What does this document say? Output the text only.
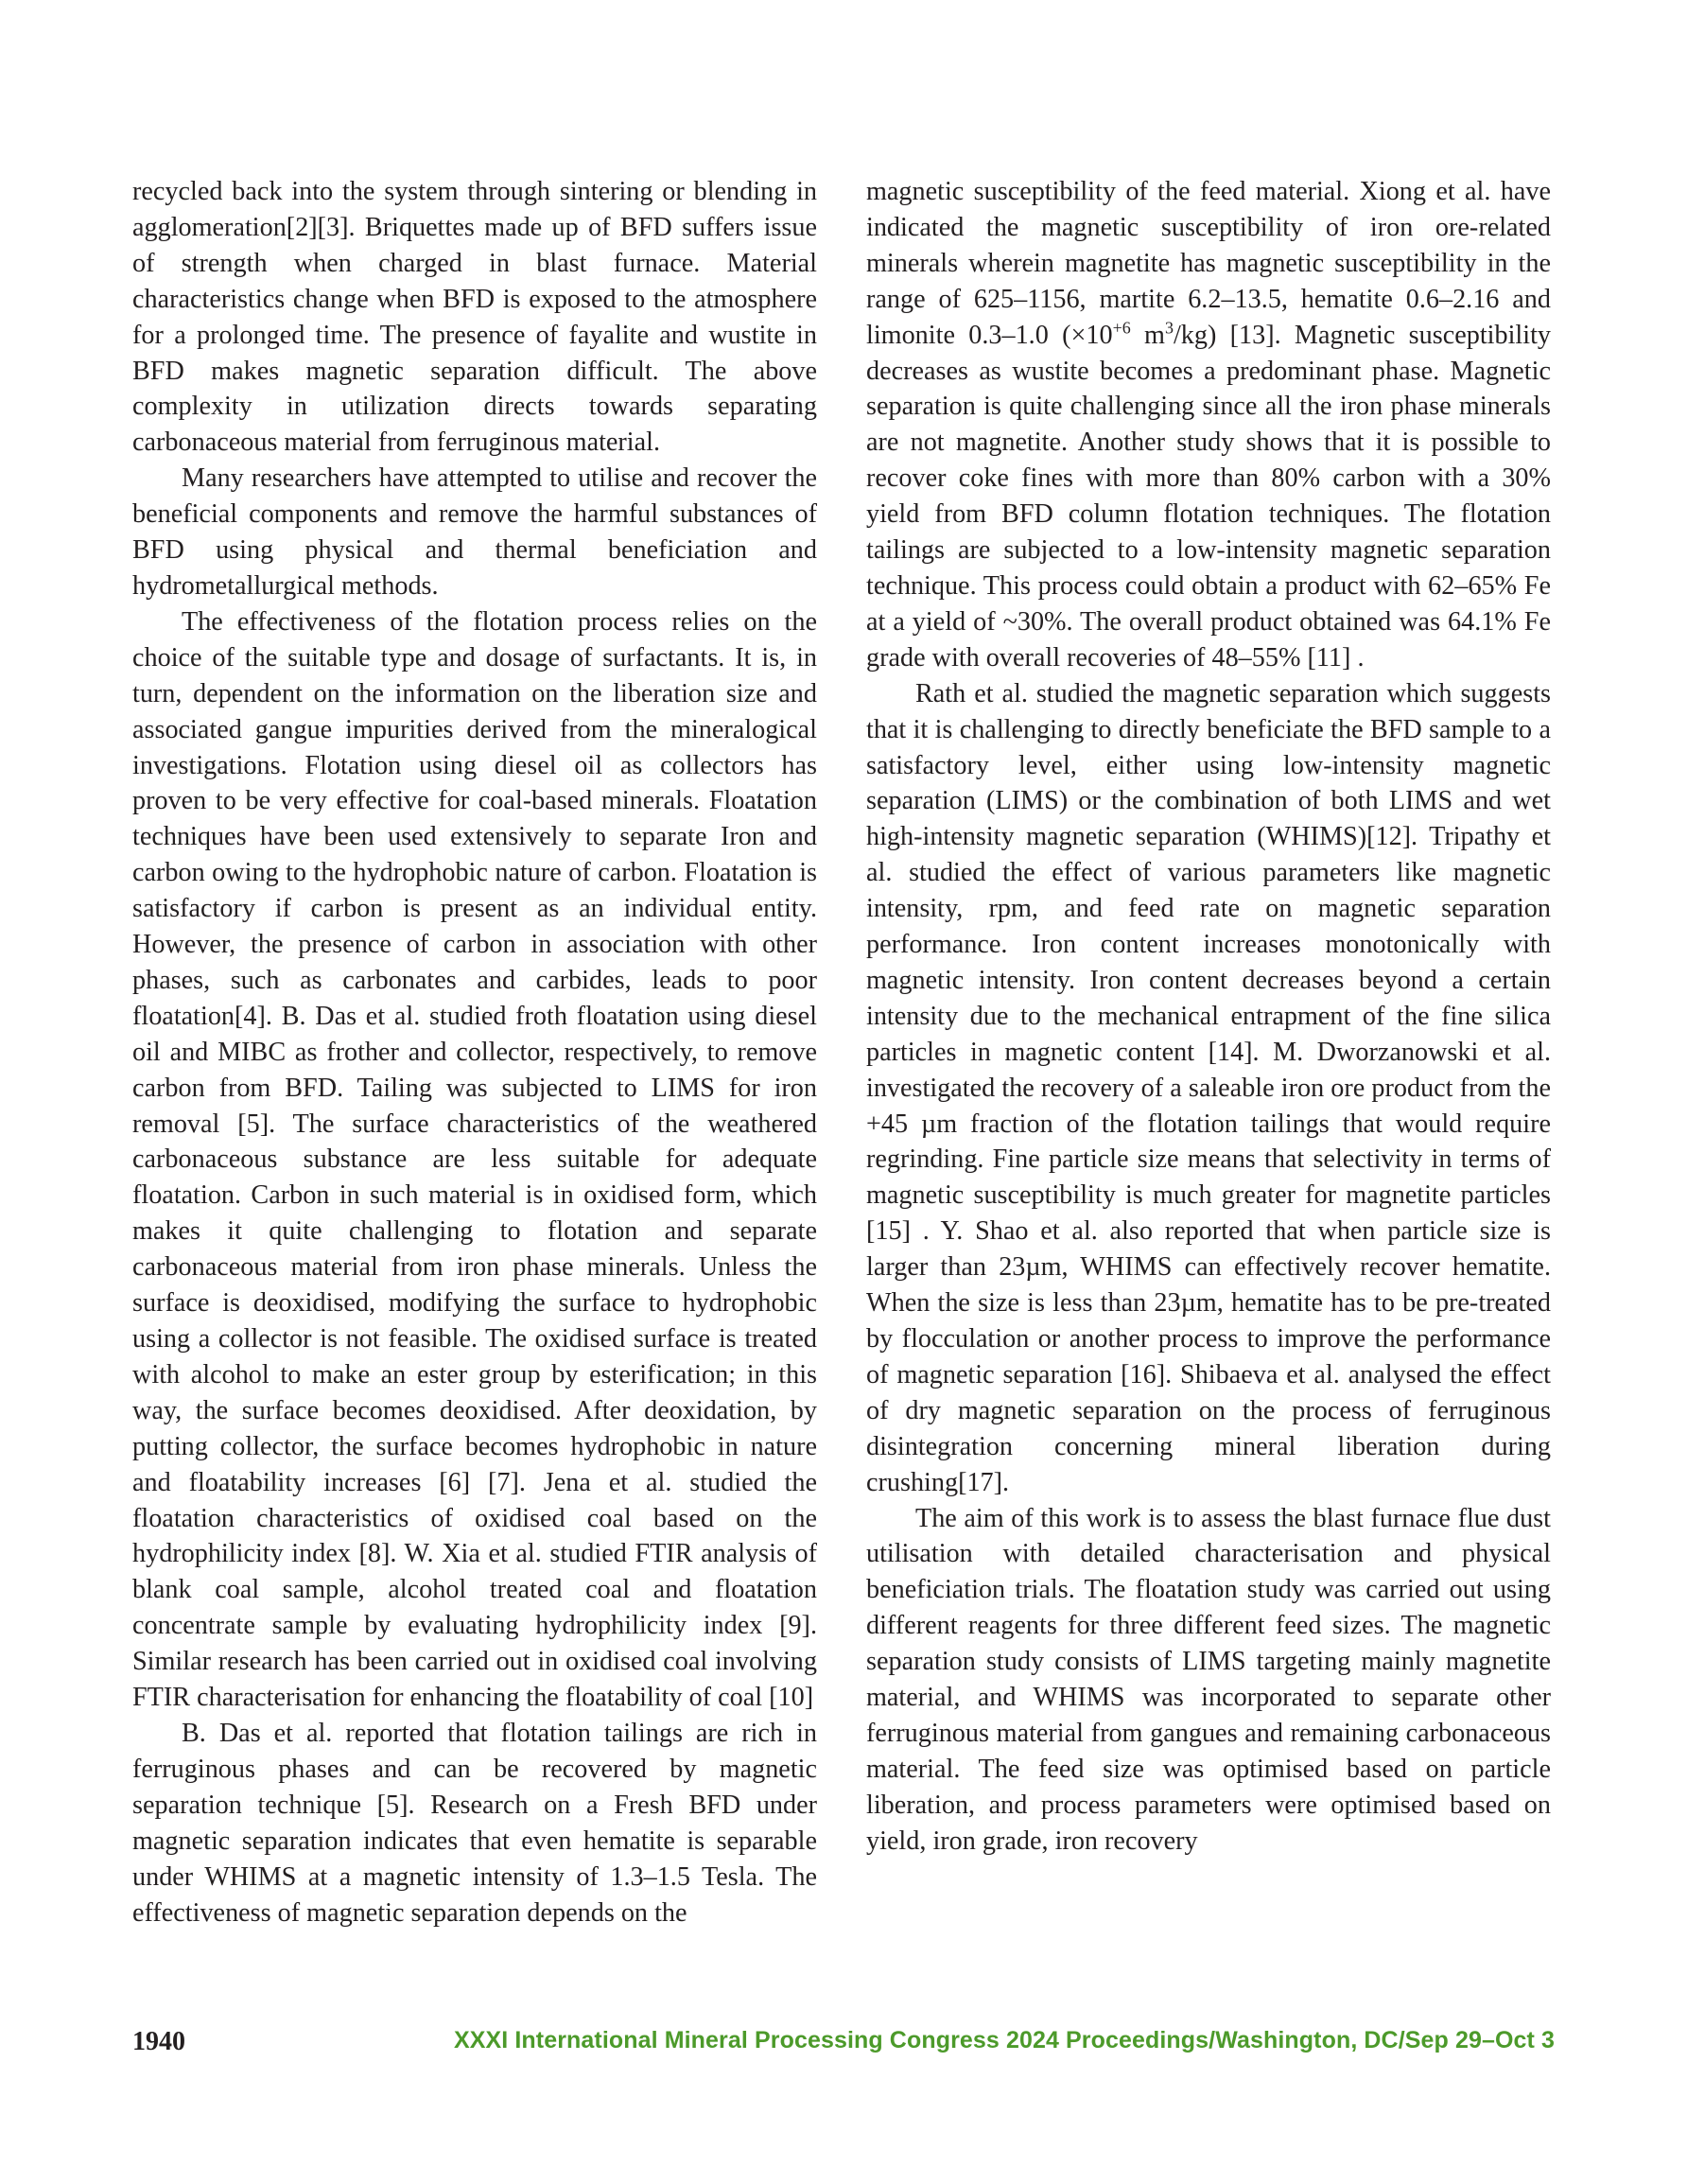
recycled back into the system through sintering or blending in agglomeration[2][3]. Briquettes made up of BFD suffers issue of strength when charged in blast furnace. Material characteristics change when BFD is exposed to the atmosphere for a prolonged time. The presence of fayalite and wustite in BFD makes magnetic separation difficult. The above complexity in utilization directs towards separating carbonaceous material from ferruginous material.

Many researchers have attempted to utilise and recover the beneficial components and remove the harmful substances of BFD using physical and thermal beneficiation and hydrometallurgical methods.

The effectiveness of the flotation process relies on the choice of the suitable type and dosage of surfactants. It is, in turn, dependent on the information on the liberation size and associated gangue impurities derived from the mineralogical investigations. Flotation using diesel oil as collectors has proven to be very effective for coal-based minerals. Floatation techniques have been used extensively to separate Iron and carbon owing to the hydrophobic nature of carbon. Floatation is satisfactory if carbon is present as an individual entity. However, the presence of carbon in association with other phases, such as carbonates and carbides, leads to poor floatation[4]. B. Das et al. studied froth floatation using diesel oil and MIBC as frother and collector, respectively, to remove carbon from BFD. Tailing was subjected to LIMS for iron removal [5]. The surface characteristics of the weathered carbonaceous substance are less suitable for adequate floatation. Carbon in such material is in oxidised form, which makes it quite challenging to flotation and separate carbonaceous material from iron phase minerals. Unless the surface is deoxidised, modifying the surface to hydrophobic using a collector is not feasible. The oxidised surface is treated with alcohol to make an ester group by esterification; in this way, the surface becomes deoxidised. After deoxidation, by putting collector, the surface becomes hydrophobic in nature and floatability increases [6] [7]. Jena et al. studied the floatation characteristics of oxidised coal based on the hydrophilicity index [8]. W. Xia et al. studied FTIR analysis of blank coal sample, alcohol treated coal and floatation concentrate sample by evaluating hydrophilicity index [9]. Similar research has been carried out in oxidised coal involving FTIR characterisation for enhancing the floatability of coal [10]

B. Das et al. reported that flotation tailings are rich in ferruginous phases and can be recovered by magnetic separation technique [5]. Research on a Fresh BFD under magnetic separation indicates that even hematite is separable under WHIMS at a magnetic intensity of 1.3–1.5 Tesla. The effectiveness of magnetic separation depends on the

magnetic susceptibility of the feed material. Xiong et al. have indicated the magnetic susceptibility of iron ore-related minerals wherein magnetite has magnetic susceptibility in the range of 625–1156, martite 6.2–13.5, hematite 0.6–2.16 and limonite 0.3–1.0 ($\times 10^{+6}$ $m^3/kg$) [13]. Magnetic susceptibility decreases as wustite becomes a predominant phase. Magnetic separation is quite challenging since all the iron phase minerals are not magnetite. Another study shows that it is possible to recover coke fines with more than 80% carbon with a 30% yield from BFD column flotation techniques. The flotation tailings are subjected to a low-intensity magnetic separation technique. This process could obtain a product with 62–65% Fe at a yield of ~30%. The overall product obtained was 64.1% Fe grade with overall recoveries of 48–55% [11] .

Rath et al. studied the magnetic separation which suggests that it is challenging to directly beneficiate the BFD sample to a satisfactory level, either using low-intensity magnetic separation (LIMS) or the combination of both LIMS and wet high-intensity magnetic separation (WHIMS)[12]. Tripathy et al. studied the effect of various parameters like magnetic intensity, rpm, and feed rate on magnetic separation performance. Iron content increases monotonically with magnetic intensity. Iron content decreases beyond a certain intensity due to the mechanical entrapment of the fine silica particles in magnetic content [14]. M. Dworzanowski et al. investigated the recovery of a saleable iron ore product from the +45 µm fraction of the flotation tailings that would require regrinding. Fine particle size means that selectivity in terms of magnetic susceptibility is much greater for magnetite particles [15] . Y. Shao et al. also reported that when particle size is larger than 23µm, WHIMS can effectively recover hematite. When the size is less than 23µm, hematite has to be pre-treated by flocculation or another process to improve the performance of magnetic separation [16]. Shibaeva et al. analysed the effect of dry magnetic separation on the process of ferruginous disintegration concerning mineral liberation during crushing[17].

The aim of this work is to assess the blast furnace flue dust utilisation with detailed characterisation and physical beneficiation trials. The floatation study was carried out using different reagents for three different feed sizes. The magnetic separation study consists of LIMS targeting mainly magnetite material, and WHIMS was incorporated to separate other ferruginous material from gangues and remaining carbonaceous material. The feed size was optimised based on particle liberation, and process parameters were optimised based on yield, iron grade, iron recovery

1940	XXXI International Mineral Processing Congress 2024 Proceedings/Washington, DC/Sep 29–Oct 3
